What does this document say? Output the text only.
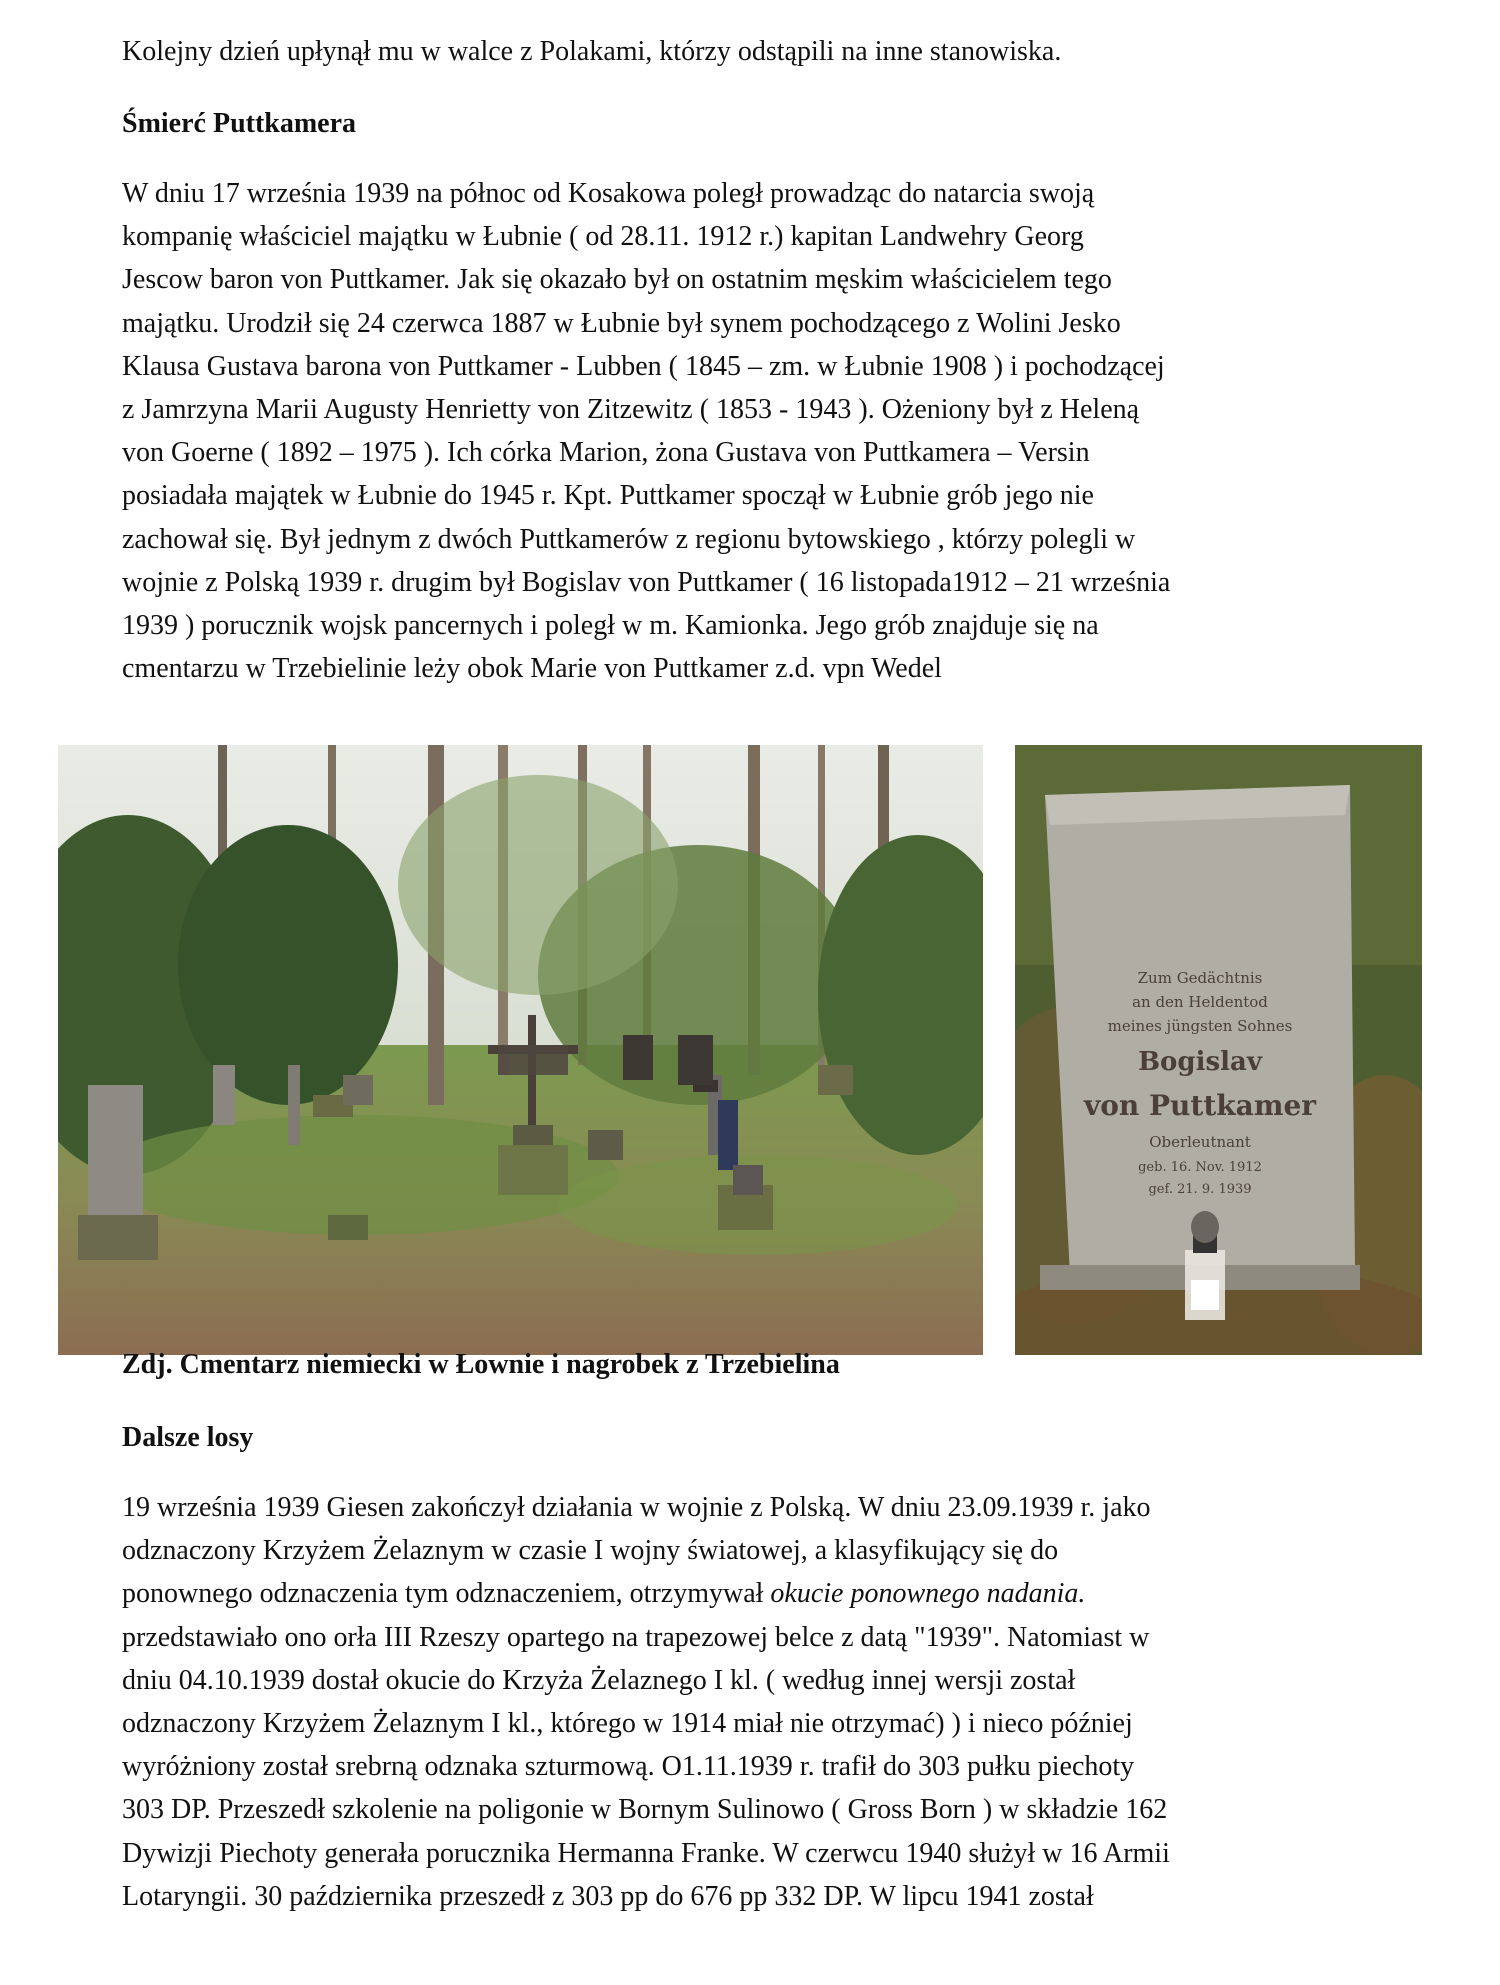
Kolejny dzień upłynął mu w walce z Polakami, którzy odstąpili na inne stanowiska.

Śmierć Puttkamera

W dniu 17 września 1939 na północ od Kosakowa poległ prowadząc do natarcia swoją

kompanię właściciel majątku w Łubnie ( od 28.11. 1912 r.) kapitan Landwehry Georg

Jescow baron von Puttkamer. Jak się okazało był on ostatnim męskim właścicielem tego

majątku. Urodził się 24 czerwca 1887 w Łubnie był synem pochodzącego z Wolini Jesko

Klausa Gustava barona von Puttkamer - Lubben ( 1845 – zm. w Łubnie 1908 ) i pochodzącej

z Jamrzyna Marii Augusty Henrietty von Zitzewitz ( 1853 - 1943 ). Ożeniony był z Heleną

von Goerne ( 1892 – 1975 ). Ich córka Marion, żona Gustava von Puttkamera – Versin

posiadała majątek w Łubnie do 1945 r. Kpt. Puttkamer spoczął w Łubnie grób jego nie

zachował się. Był jednym z dwóch Puttkamerów z regionu bytowskiego , którzy polegli w

wojnie z Polską 1939 r. drugim był Bogislav von Puttkamer ( 16 listopada1912 – 21 września

1939 ) porucznik wojsk pancernych i poległ w m. Kamionka. Jego grób znajduje się na

cmentarzu w Trzebielinie leży obok Marie von Puttkamer z.d. vpn Wedel

Zum Gedächtnis
an den Heldentod
meines jüngsten Sohnes
Bogislav
von Puttkamer
Oberleutnant
geb. 16. Nov. 1912
gef. 21. 9. 1939
Zdj. Cmentarz niemiecki w Łownie i nagrobek z Trzebielina

Dalsze losy

19 września 1939 Giesen zakończył działania w wojnie z Polską. W dniu 23.09.1939 r. jako

odznaczony Krzyżem Żelaznym w czasie I wojny światowej, a klasyfikujący się do

ponownego odznaczenia tym odznaczeniem, otrzymywał okucie ponownego nadania.

przedstawiało ono orła III Rzeszy opartego na trapezowej belce z datą "1939". Natomiast w

dniu 04.10.1939 dostał okucie do Krzyża Żelaznego I kl. ( według innej wersji został

odznaczony Krzyżem Żelaznym I kl., którego w 1914 miał nie otrzymać) ) i nieco później

wyróżniony został srebrną odznaka szturmową. O1.11.1939 r. trafił do 303 pułku piechoty

303 DP. Przeszedł szkolenie na poligonie w Bornym Sulinowo ( Gross Born ) w składzie 162

Dywizji Piechoty generała porucznika Hermanna Franke. W czerwcu 1940 służył w 16 Armii

Lotaryngii. 30 października przeszedł z 303 pp do 676 pp 332 DP. W lipcu 1941 został
